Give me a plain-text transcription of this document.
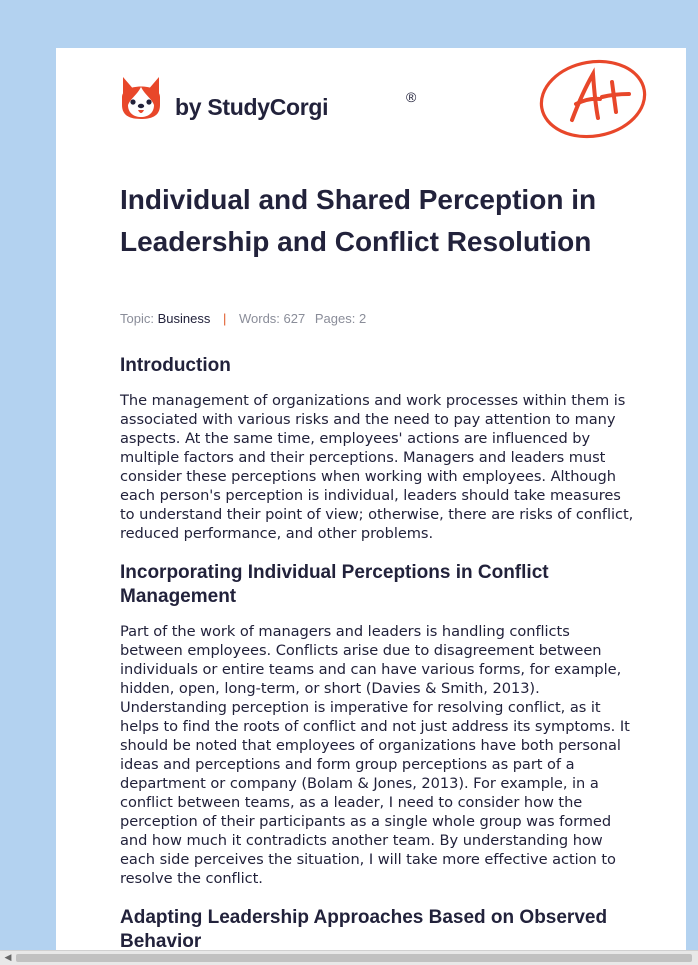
by StudyCorgi	®
Individual and Shared Perception in Leadership and Conflict Resolution
Topic: Business | Words: 627 Pages: 2
Introduction

The management of organizations and work processes within them is associated with various risks and the need to pay attention to many aspects. At the same time, employees' actions are influenced by multiple factors and their perceptions. Managers and leaders must consider these perceptions when working with employees. Although each person's perception is individual, leaders should take measures to understand their point of view; otherwise, there are risks of conflict, reduced performance, and other problems.

Incorporating Individual Perceptions in Conflict Management

Part of the work of managers and leaders is handling conflicts between employees. Conflicts arise due to disagreement between individuals or entire teams and can have various forms, for example, hidden, open, long-term, or short (Davies & Smith, 2013). Understanding perception is imperative for resolving conflict, as it helps to find the roots of conflict and not just address its symptoms. It should be noted that employees of organizations have both personal ideas and perceptions and form group perceptions as part of a department or company (Bolam & Jones, 2013). For example, in a conflict between teams, as a leader, I need to consider how the perception of their participants as a single whole group was formed and how much it contradicts another team. By understanding how each side perceives the situation, I will take more effective action to resolve the conflict.

Adapting Leadership Approaches Based on Observed Behavior
◀
